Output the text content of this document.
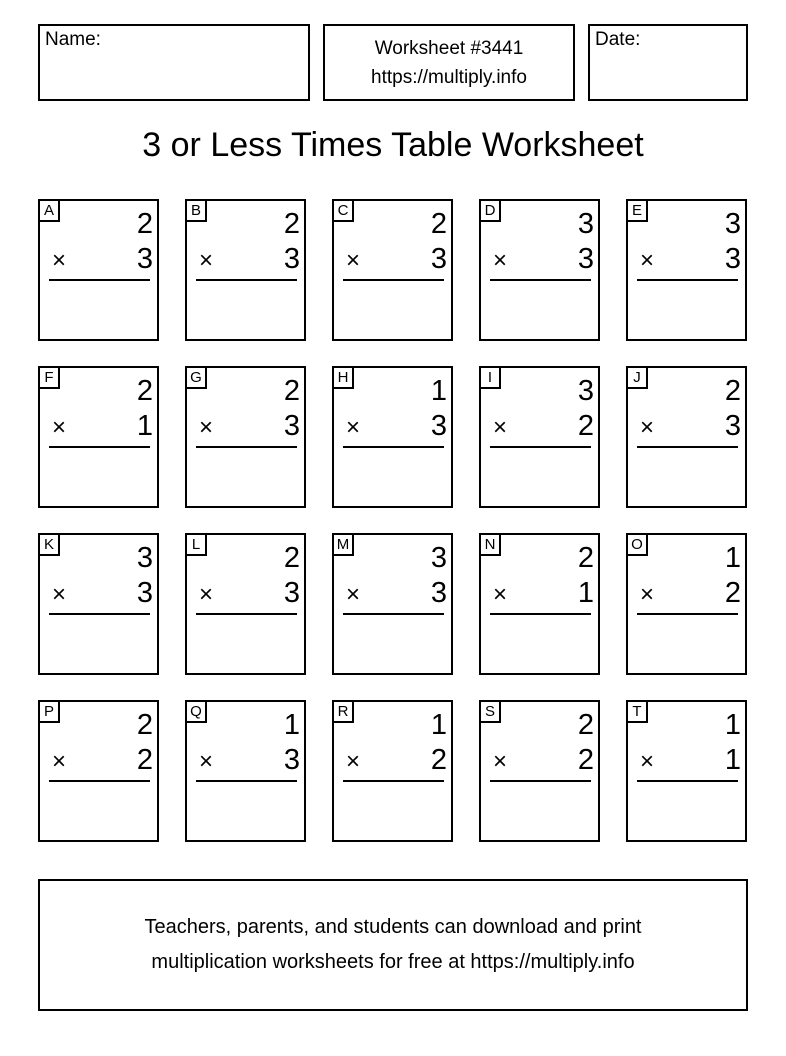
Name:	Worksheet #3441
https://multiply.info
Date:
3 or Less Times Table Worksheet
A	2
× 3
B	2
× 3
C	2
× 3
D	3
× 3
E	3
× 3
F	2
× 1
G	2
× 3
H	1
× 3
I	3
× 2
J	2
× 3
K	3
× 3
L	2
× 3
M	3
× 3
N	2
× 1
O	1
× 2
P	2
× 2
Q	1
× 3
R	1
× 2
S	2
× 2
T	1
× 1
Teachers, parents, and students can download and print
multiplication worksheets for free at https://multiply.info
